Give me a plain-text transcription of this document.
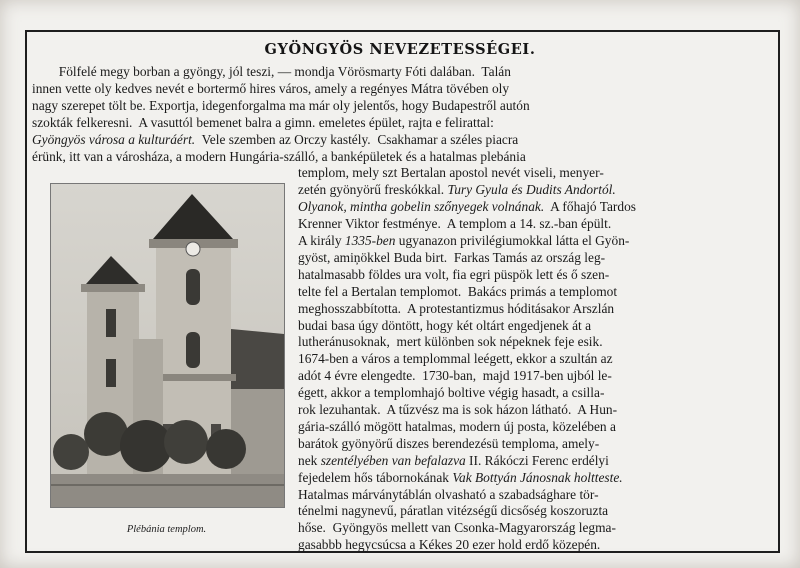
GYÖNGYÖS NEVEZETESSÉGEI.
Fölfelé megy borban a gyöngy, jól teszi, — mondja Vörösmarty Fóti dalában.  Talán
innen vette oly kedves nevét e bortermő hires város, amely a regényes Mátra tövében oly
nagy szerepet tölt be. Exportja, idegenforgalma ma már oly jelentős, hogy Budapestről autón
szokták felkeresni.  A vasuttól bemenet balra a gimn. emeletes épület, rajta e felirattal:
Gyöngyös városa a kulturáért.  Vele szemben az Orczy kastély.  Csakhamar a széles piacra
érünk, itt van a városháza, a modern Hungária-szálló, a banképületek és a hatalmas plebánia
templom, mely szt Bertalan apostol nevét viseli, menyer-
zetén gyönyörű freskókkal. Tury Gyula és Dudits Andortól.
Olyanok, mintha gobelin szőnyegek volnának.  A főhajó Tardos
Krenner Viktor festménye.  A templom a 14. sz.-ban épült.
A király 1335-ben ugyanazon privilégiumokkal látta el Gyön-
gyöst, amiņökkel Buda birt.  Farkas Tamás az ország leg-
hatalmasabb földes ura volt, fia egri püspök lett és ő szen-
telte fel a Bertalan templomot.  Bakács primás a templomot
meghosszabbította.  A protestantizmus hóditásakor Arszlán
budai basa úgy döntött, hogy két oltárt engedjenek át a
lutheránusoknak,  mert különben sok népeknek feje esik.
1674-ben a város a templommal leégett, ekkor a szultán az
adót 4 évre elengedte.  1730-ban,  majd 1917-ben ujból le-
égett, akkor a templomhajó boltive végig hasadt, a csilla-
rok lezuhantak.  A tűzvész ma is sok házon látható.  A Hun-
gária-szálló mögött hatalmas, modern új posta, közelében a
barátok gyönyörű diszes berendezésü temploma, amely-
nek szentélyében van befalazva II. Rákóczi Ferenc erdélyi
fejedelem hős tábornokának Vak Bottyán Jánosnak holtteste.
Hatalmas márványtáblán olvasható a szabadsághare tör-
ténelmi nagynevű, páratlan vitézségű dicsőség koszoruzta
hőse.  Gyöngyös mellett van Csonka-Magyarország legma-
gasabbb hegycsúcsa a Kékes 20 ezer hold erdő közepén.
Plébánia templom.
